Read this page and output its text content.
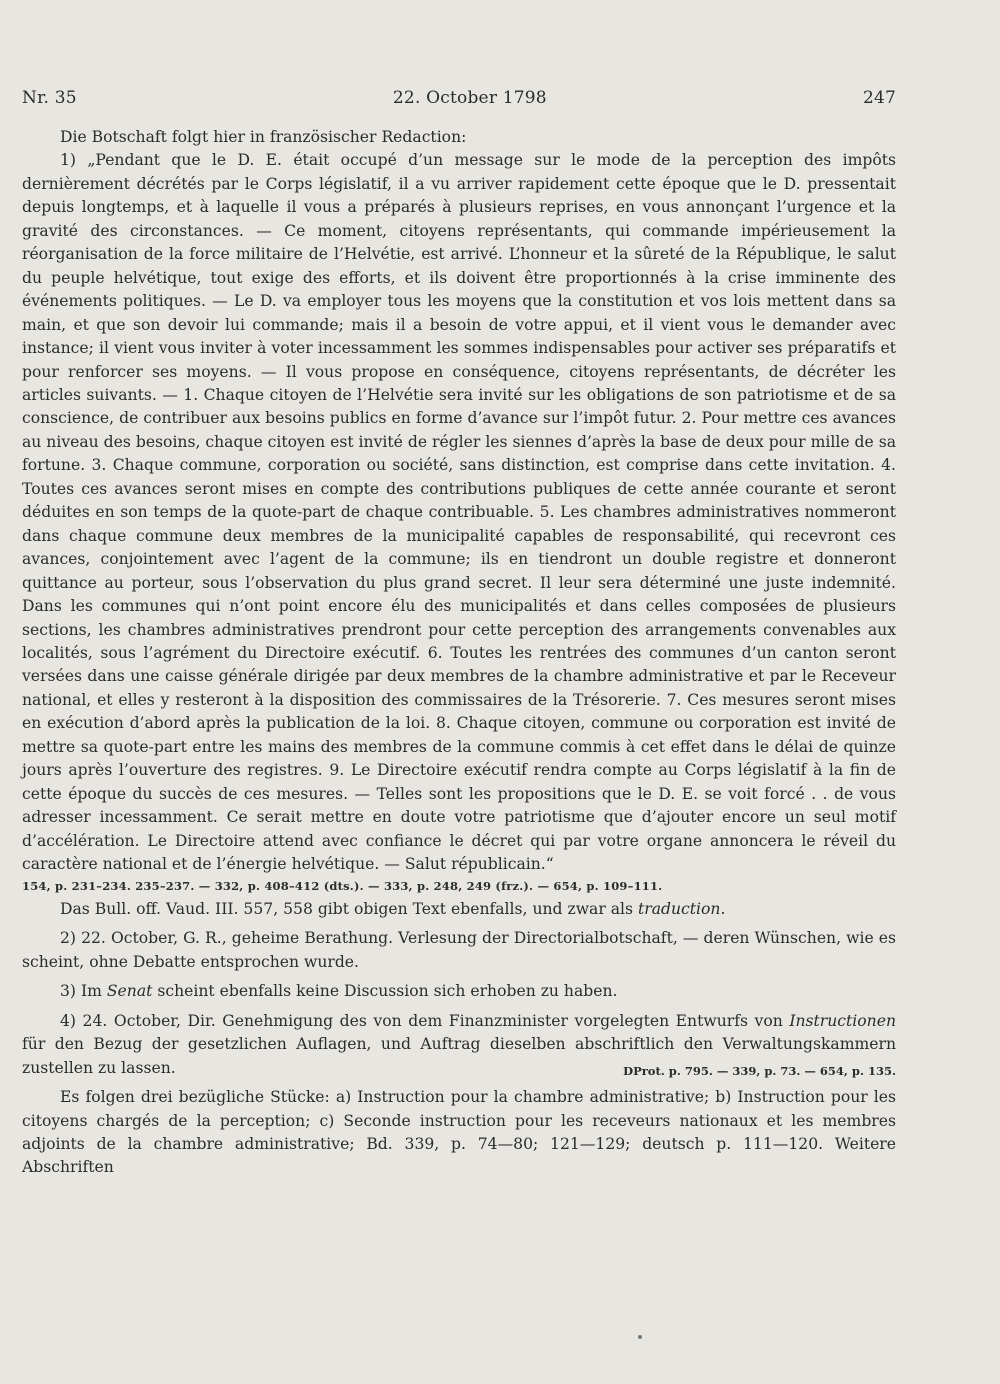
Nr. 35	22. October 1798	247

Die Botschaft folgt hier in französischer Redaction:

1) „Pendant que le D. E. était occupé d’un message sur le mode de la perception des impôts dernièrement décrétés par le Corps législatif, il a vu arriver rapidement cette époque que le D. pressentait depuis longtemps, et à laquelle il vous a préparés à plusieurs reprises, en vous annonçant l’urgence et la gravité des circonstances. — Ce moment, citoyens représentants, qui commande impérieusement la réorganisation de la force militaire de l’Helvétie, est arrivé. L’honneur et la sûreté de la République, le salut du peuple helvétique, tout exige des efforts, et ils doivent être proportionnés à la crise imminente des événements politiques. — Le D. va employer tous les moyens que la constitution et vos lois mettent dans sa main, et que son devoir lui commande; mais il a besoin de votre appui, et il vient vous le demander avec instance; il vient vous inviter à voter incessamment les sommes indispensables pour activer ses préparatifs et pour renforcer ses moyens. — Il vous propose en conséquence, citoyens représentants, de décréter les articles suivants. — 1. Chaque citoyen de l’Helvétie sera invité sur les obligations de son patriotisme et de sa conscience, de contribuer aux besoins publics en forme d’avance sur l’impôt futur. 2. Pour mettre ces avances au niveau des besoins, chaque citoyen est invité de régler les siennes d’après la base de deux pour mille de sa fortune. 3. Chaque commune, corporation ou société, sans distinction, est comprise dans cette invitation. 4. Toutes ces avances seront mises en compte des contributions publiques de cette année courante et seront déduites en son temps de la quote-part de chaque contribuable. 5. Les chambres administratives nommeront dans chaque commune deux membres de la municipalité capables de responsabilité, qui recevront ces avances, conjointement avec l’agent de la commune; ils en tiendront un double registre et donneront quittance au porteur, sous l’observation du plus grand secret. Il leur sera déterminé une juste indemnité. Dans les communes qui n’ont point encore élu des municipalités et dans celles composées de plusieurs sections, les chambres administratives prendront pour cette perception des arrangements convenables aux localités, sous l’agrément du Directoire exécutif. 6. Toutes les rentrées des communes d’un canton seront versées dans une caisse générale dirigée par deux membres de la chambre administrative et par le Receveur national, et elles y resteront à la disposition des commissaires de la Trésorerie. 7. Ces mesures seront mises en exécution d’abord après la publication de la loi. 8. Chaque citoyen, commune ou corporation est invité de mettre sa quote-part entre les mains des membres de la commune commis à cet effet dans le délai de quinze jours après l’ouverture des registres. 9. Le Directoire exécutif rendra compte au Corps législatif à la fin de cette époque du succès de ces mesures. — Telles sont les propositions que le D. E. se voit forcé . . de vous adresser incessamment. Ce serait mettre en doute votre patriotisme que d’ajouter encore un seul motif d’accélération. Le Directoire attend avec confiance le décret qui par votre organe annoncera le réveil du caractère national et de l’énergie helvétique. — Salut républicain.“

154, p. 231–234. 235–237. — 332, p. 408–412 (dts.). — 333, p. 248, 249 (frz.). — 654, p. 109–111.

Das Bull. off. Vaud. III. 557, 558 gibt obigen Text ebenfalls, und zwar als traduction.

2) 22. October, G. R., geheime Berathung. Verlesung der Directorialbotschaft, — deren Wünschen, wie es scheint, ohne Debatte entsprochen wurde.

3) Im Senat scheint ebenfalls keine Discussion sich erhoben zu haben.

4) 24. October, Dir. Genehmigung des von dem Finanzminister vorgelegten Entwurfs von Instructionen für den Bezug der gesetzlichen Auflagen, und Auftrag dieselben abschriftlich den Verwaltungskammern zustellen zu lassen.	DProt. p. 795. — 339, p. 73. — 654, p. 135.

Es folgen drei bezügliche Stücke: a) Instruction pour la chambre administrative; b) Instruction pour les citoyens chargés de la perception; c) Seconde instruction pour les receveurs nationaux et les membres adjoints de la chambre administrative; Bd. 339, p. 74—80; 121—129; deutsch p. 111—120. Weitere Abschriften
